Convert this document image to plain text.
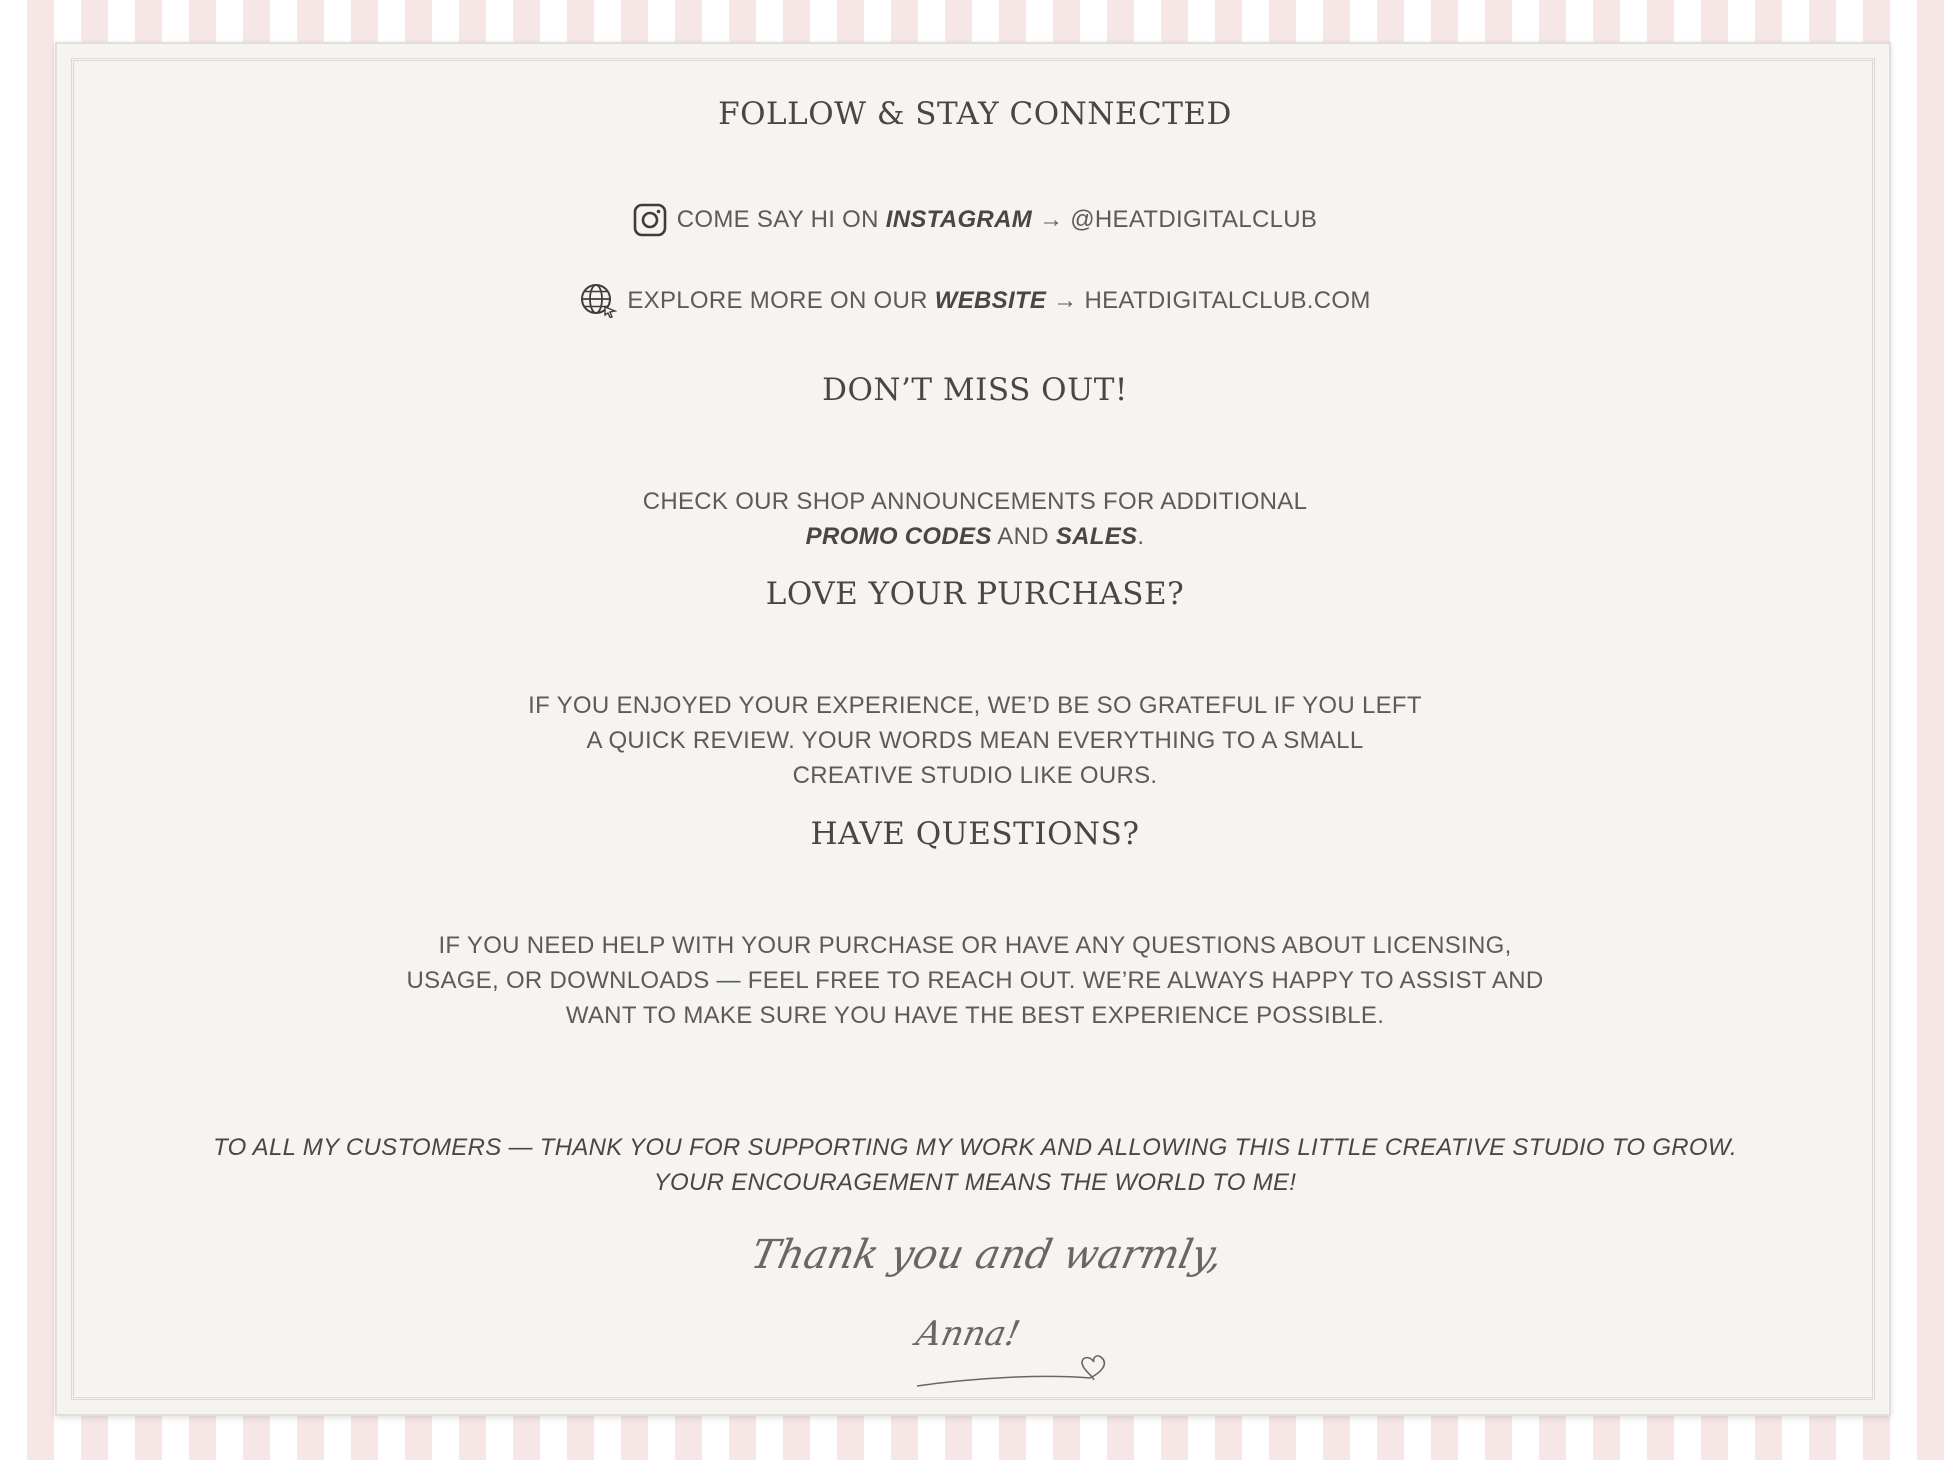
FOLLOW & STAY CONNECTED
COME SAY HI ON INSTAGRAM → @HEATDIGITALCLUB
EXPLORE MORE ON OUR WEBSITE → HEATDIGITALCLUB.COM
DON’T MISS OUT!
CHECK OUR SHOP ANNOUNCEMENTS FOR ADDITIONAL
PROMO CODES AND SALES.
LOVE YOUR PURCHASE?
IF YOU ENJOYED YOUR EXPERIENCE, WE’D BE SO GRATEFUL IF YOU LEFT
A QUICK REVIEW. YOUR WORDS MEAN EVERYTHING TO A SMALL
CREATIVE STUDIO LIKE OURS.
HAVE QUESTIONS?
IF YOU NEED HELP WITH YOUR PURCHASE OR HAVE ANY QUESTIONS ABOUT LICENSING,
USAGE, OR DOWNLOADS — FEEL FREE TO REACH OUT. WE’RE ALWAYS HAPPY TO ASSIST AND
WANT TO MAKE SURE YOU HAVE THE BEST EXPERIENCE POSSIBLE.
TO ALL MY CUSTOMERS — THANK YOU FOR SUPPORTING MY WORK AND ALLOWING THIS LITTLE CREATIVE STUDIO TO GROW.
YOUR ENCOURAGEMENT MEANS THE WORLD TO ME!
Thank you and warmly,
Anna!
